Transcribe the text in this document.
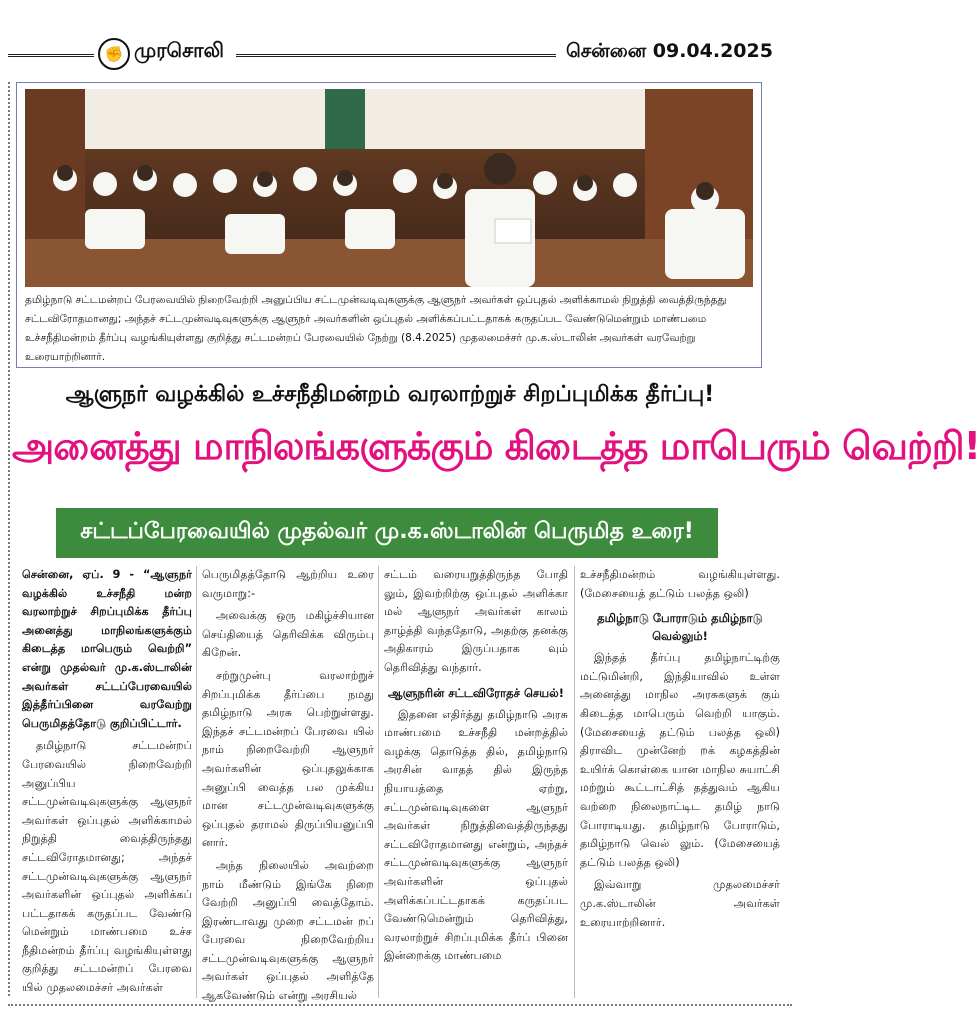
✊ முரசொலி	சென்னை 09.04.2025
தமிழ்நாடு சட்டமன்றப் பேரவையில் நிறைவேற்றி அனுப்பிய சட்டமுன்வடிவுகளுக்கு ஆளுநர் அவர்கள் ஒப்புதல் அளிக்காமல் நிறுத்தி வைத்திருந்தது சட்டவிரோதமானது; அந்தச் சட்டமுன்வடிவுகளுக்கு ஆளுநர் அவர்களின் ஒப்புதல் அளிக்கப்பட்டதாகக் கருதப்பட வேண்டுமென்றும் மாண்பமை உச்சநீதிமன்றம் தீர்ப்பு வழங்கியுள்ளது குறித்து சட்டமன்றப் பேரவையில் நேற்று (8.4.2025) முதலமைச்சர் மு.க.ஸ்டாலின் அவர்கள் வரவேற்று உரையாற்றினார்.
ஆளுநர் வழக்கில் உச்சநீதிமன்றம் வரலாற்றுச் சிறப்புமிக்க தீர்ப்பு!
அனைத்து மாநிலங்களுக்கும் கிடைத்த மாபெரும் வெற்றி!
சட்டப்பேரவையில் முதல்வர் மு.க.ஸ்டாலின் பெருமித உரை!

சென்னை, ஏப். 9 - “ஆளுநர் வழக்கில் உச்சநீதி மன்ற வரலாற்றுச் சிறப்புமிக்க தீர்ப்பு அனைத்து மாநிலங்களுக்கும் கிடைத்த மாபெரும் வெற்றி” என்று முதல்வர் மு.க.ஸ்டாலின் அவர்கள் சட்டப்பேரவையில் இத்தீர்ப்பினை வரவேற்று பெருமிதத்தோடு குறிப்பிட்டார்.

தமிழ்நாடு சட்டமன்றப் பேரவையில் நிறைவேற்றி அனுப்பிய சட்டமுன்வடிவுகளுக்கு ஆளுநர் அவர்கள் ஒப்புதல் அளிக்காமல் நிறுத்தி வைத்திருந்தது சட்டவிரோதமானது; அந்தச் சட்டமுன்வடிவுகளுக்கு ஆளுநர் அவர்களின் ஒப்புதல் அளிக்கப் பட்டதாகக் கருதப்பட வேண்டு மென்றும் மாண்பமை உச்ச நீதிமன்றம் தீர்ப்பு வழங்கியுள்ளது குறித்து சட்டமன்றப் பேரவை யில் முதலமைச்சர் அவர்கள்

பெருமிதத்தோடு ஆற்றிய உரை வருமாறு:-

அவைக்கு ஒரு மகிழ்ச்சியான செய்தியைத் தெரிவிக்க விரும்பு கிறேன்.

சற்றுமுன்பு வரலாற்றுச் சிறப்புமிக்க தீர்ப்பை நமது தமிழ்நாடு அரசு பெற்றுள்ளது. இந்தச் சட்டமன்றப் பேரவை யில் நாம் நிறைவேற்றி ஆளுநர் அவர்களின் ஒப்புதலுக்காக அனுப்பி வைத்த பல முக்கிய மான சட்டமுன்வடிவுகளுக்கு ஒப்புதல் தராமல் திருப்பியனுப்பி னார்.

அந்த நிலையில் அவற்றை நாம் மீண்டும் இங்கே நிறை வேற்றி அனுப்பி வைத்தோம். இரண்டாவது முறை சட்டமன் றப் பேரவை நிறைவேற்றிய சட்டமுன்வடிவுகளுக்கு ஆளுநர் அவர்கள் ஒப்புதல் அளித்தே ஆகவேண்டும் என்று அரசியல்

சட்டம் வரையறுத்திருந்த போதி லும், இவற்றிற்கு ஒப்புதல் அளிக்கா மல் ஆளுநர் அவர்கள் காலம் தாழ்த்தி வந்ததோடு, அதற்கு தனக்கு அதிகாரம் இருப்பதாக வும் தெரிவித்து வந்தார்.

ஆளுநரின் சட்டவிரோதச் செயல்!

இதனை எதிர்த்து தமிழ்நாடு அரசு மாண்பமை உச்சநீதி மன்றத்தில் வழக்கு தொடுத்த தில், தமிழ்நாடு அரசின் வாதத் தில் இருந்த நியாயத்தை ஏற்று, சட்டமுன்வடிவுகளை ஆளுநர் அவர்கள் நிறுத்திவைத்திருந்தது சட்டவிரோதமானது என்றும், அந்தச் சட்டமுன்வடிவுகளுக்கு ஆளுநர் அவர்களின் ஒப்புதல் அளிக்கப்பட்டதாகக் கருதப்பட வேண்டுமென்றும் தெரிவித்து, வரலாற்றுச் சிறப்புமிக்க தீர்ப் பினை இன்றைக்கு மாண்பமை

உச்சநீதிமன்றம் வழங்கியுள்ளது. (மேசையைத் தட்டும் பலத்த ஒலி)

தமிழ்நாடு போராடும் தமிழ்நாடு வெல்லும்!

இந்தத் தீர்ப்பு தமிழ்நாட்டிற்கு மட்டுமின்றி, இந்தியாவில் உள்ள அனைத்து மாநில அரசுகளுக் கும் கிடைத்த மாபெரும் வெற்றி யாகும். (மேசையைத் தட்டும் பலத்த ஒலி) திராவிட முன்னேற் றக் கழகத்தின் உயிர்க் கொள்கை யான மாநில சுயாட்சி மற்றும் கூட்டாட்சித் தத்துவம் ஆகிய வற்றை நிலைநாட்டிட தமிழ் நாடு போராடியது. தமிழ்நாடு போராடும், தமிழ்நாடு வெல் லும். (மேசையைத் தட்டும் பலத்த ஒலி)

இவ்வாறு முதலமைச்சர் மு.க.ஸ்டாலின் அவர்கள் உரையாற்றினார்.
